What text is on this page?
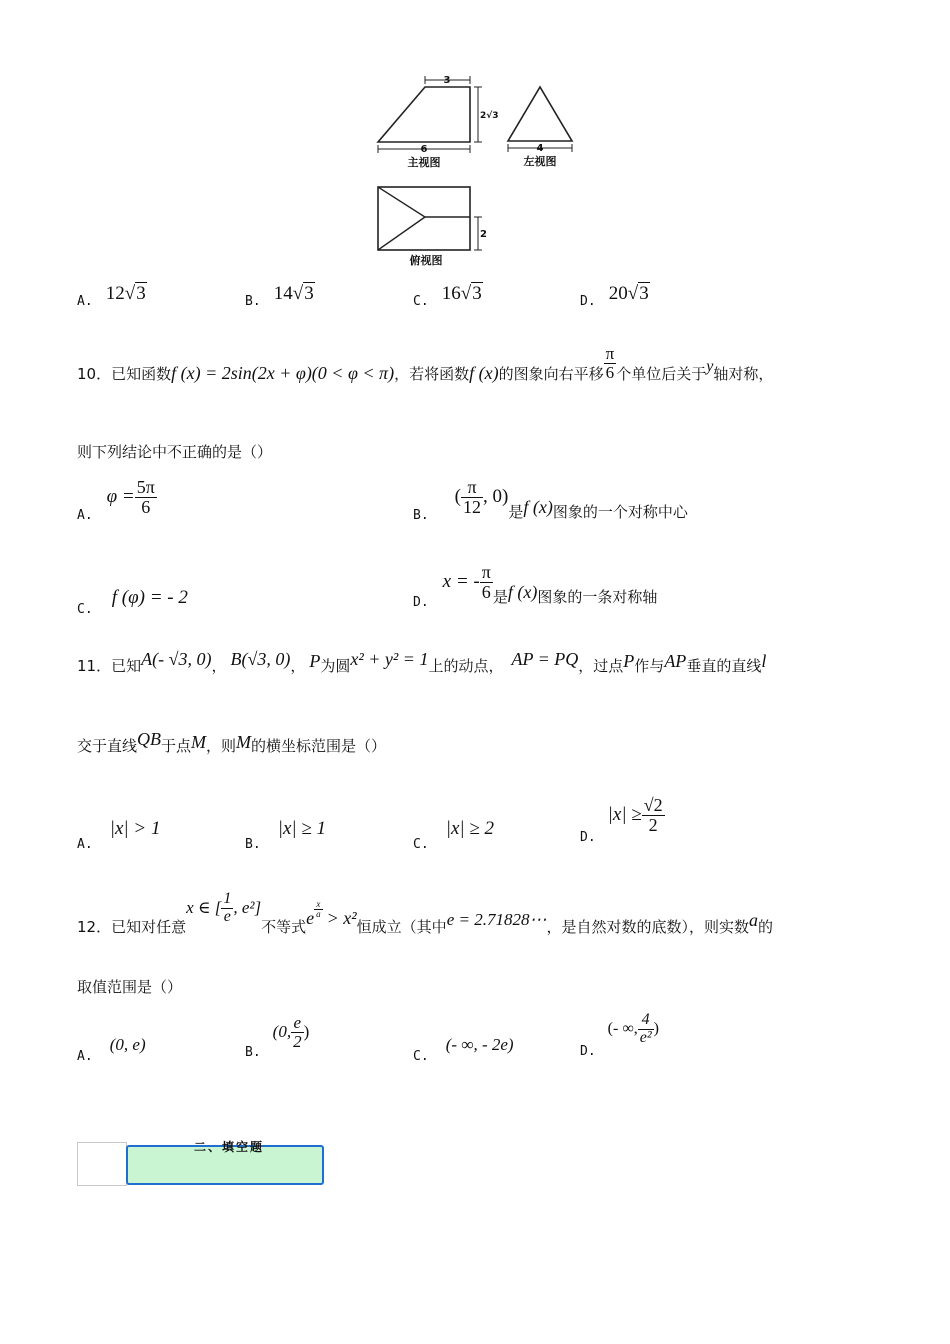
3
2√3
6
主视图
4
左视图
2
俯视图
A. 12√3	B. 14√3	C. 16√3	D. 20√3
10．已知函数 f (x) = 2sin(2x + φ)(0 < φ < π) ，若将函数 f (x) 的图象向右平移 $\frac{\pi}{6}$ 个单位后关于 y 轴对称，
则下列结论中不正确的是（）
A.
$\varphi = \frac{5\pi}{6}$	B.
( $\frac{\pi}{12}$ , 0)
是 f (x) 图象的一个对称中心
$_{C.}$ f (φ) = - 2	D.
x = - $\frac{\pi}{6}$ 是 f (x) 图象的一条对称轴
11．已知 A(- √3, 0) ， B(√3, 0) ， P 为圆 x² + y² = 1 上的动点， AP = PQ ，过点 P 作与 AP 垂直的直线 l
交于直线 QB 于点 M ，则 M 的横坐标范围是（）
$_{A.}$ |x| > 1
$_{B.}$ |x| ≥ 1
$_{C.}$ |x| ≥ 2	D.
$|x| \ge \frac{√2}{2}$
12．已知对任意
x ∈ [ $\frac{1}{e}$ , e²]
不等式 e $\frac{x}{a} > x^2$ 恒成立（其中 e = 2.71828⋯ ，是自然对数的底数），则实数 a 的
取值范围是（）
$_{A.}$ (0, e)	B.
(0, $\frac{e}{2}$ )
$_{C.}$ (- ∞, - 2e)	D.
(- ∞, $\frac{4}{\text{e²}}$ )
二、填空题
